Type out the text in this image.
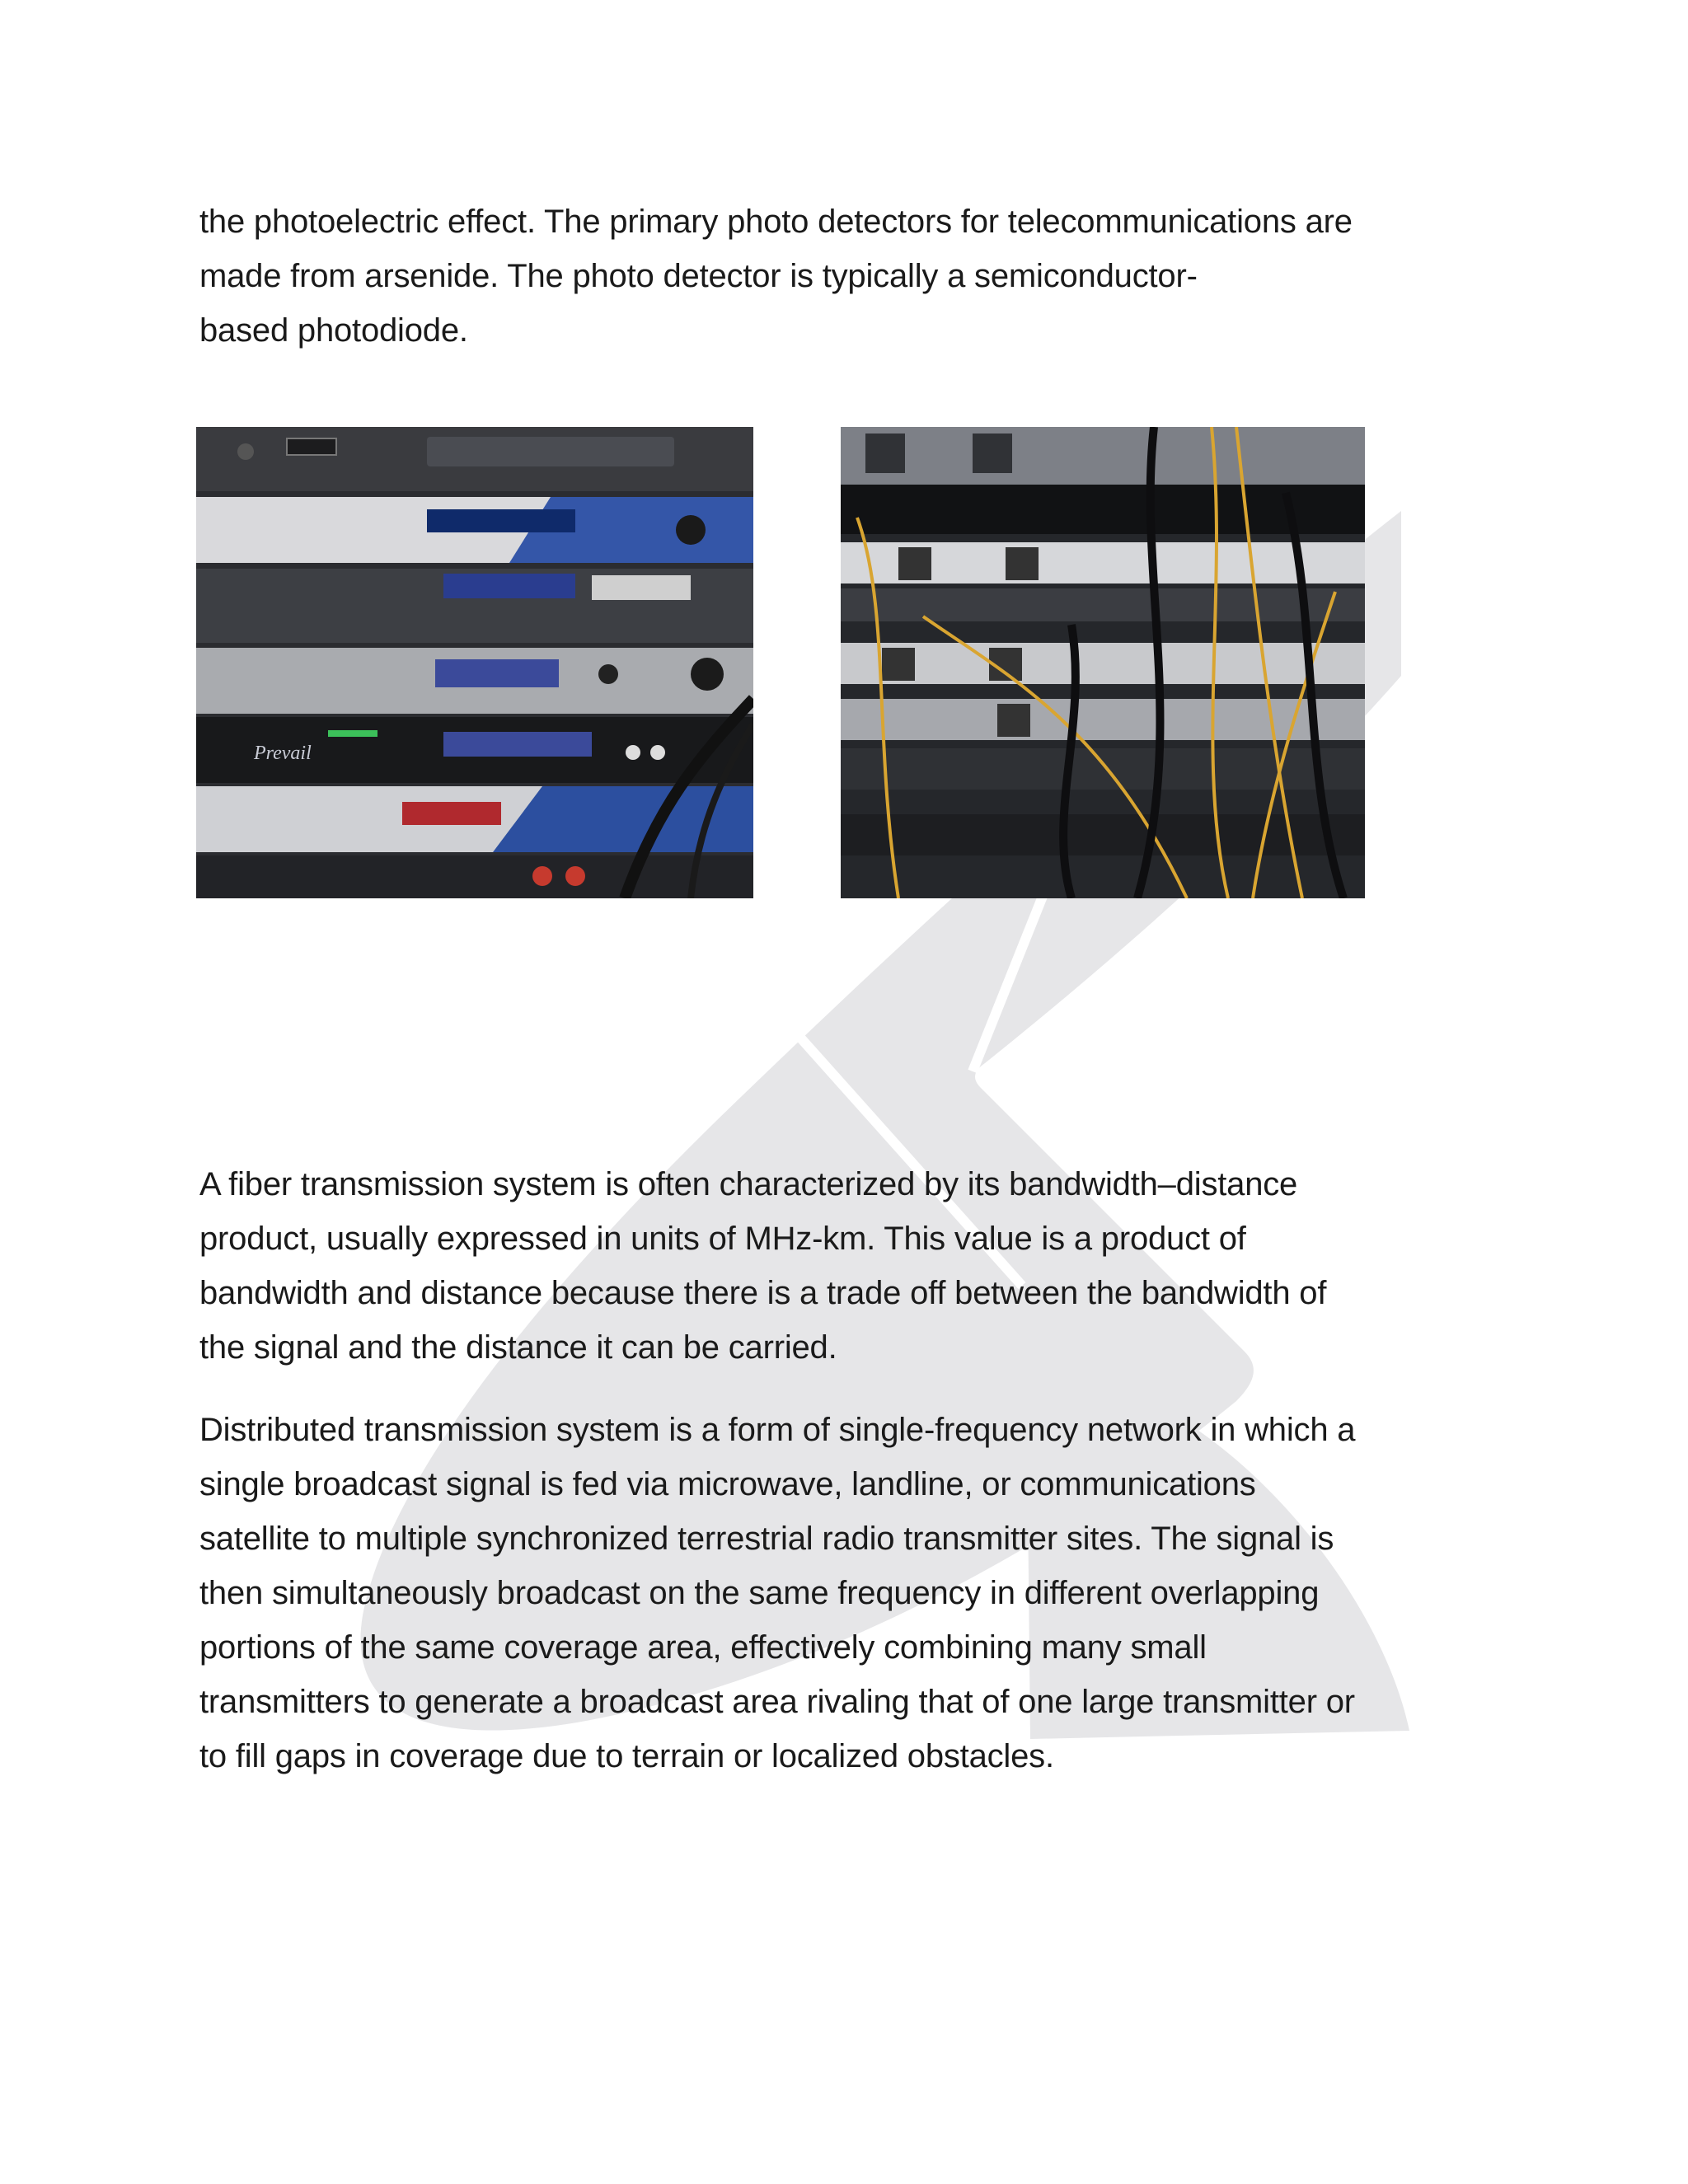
the photoelectric effect. The primary photo detectors for telecommunications are
made from arsenide. The photo detector is typically a semiconductor-
based photodiode.

Prevail

A fiber transmission system is often characterized by its bandwidth–distance
product, usually expressed in units of MHz-km. This value is a product of
bandwidth and distance because there is a trade off between the bandwidth of
the signal and the distance it can be carried.

Distributed transmission system is a form of single-frequency network in which a
single broadcast signal is fed via microwave, landline, or communications
satellite to multiple synchronized terrestrial radio transmitter sites. The signal is
then simultaneously broadcast on the same frequency in different overlapping
portions of the same coverage area, effectively combining many small
transmitters to generate a broadcast area rivaling that of one large transmitter or
to fill gaps in coverage due to terrain or localized obstacles.
